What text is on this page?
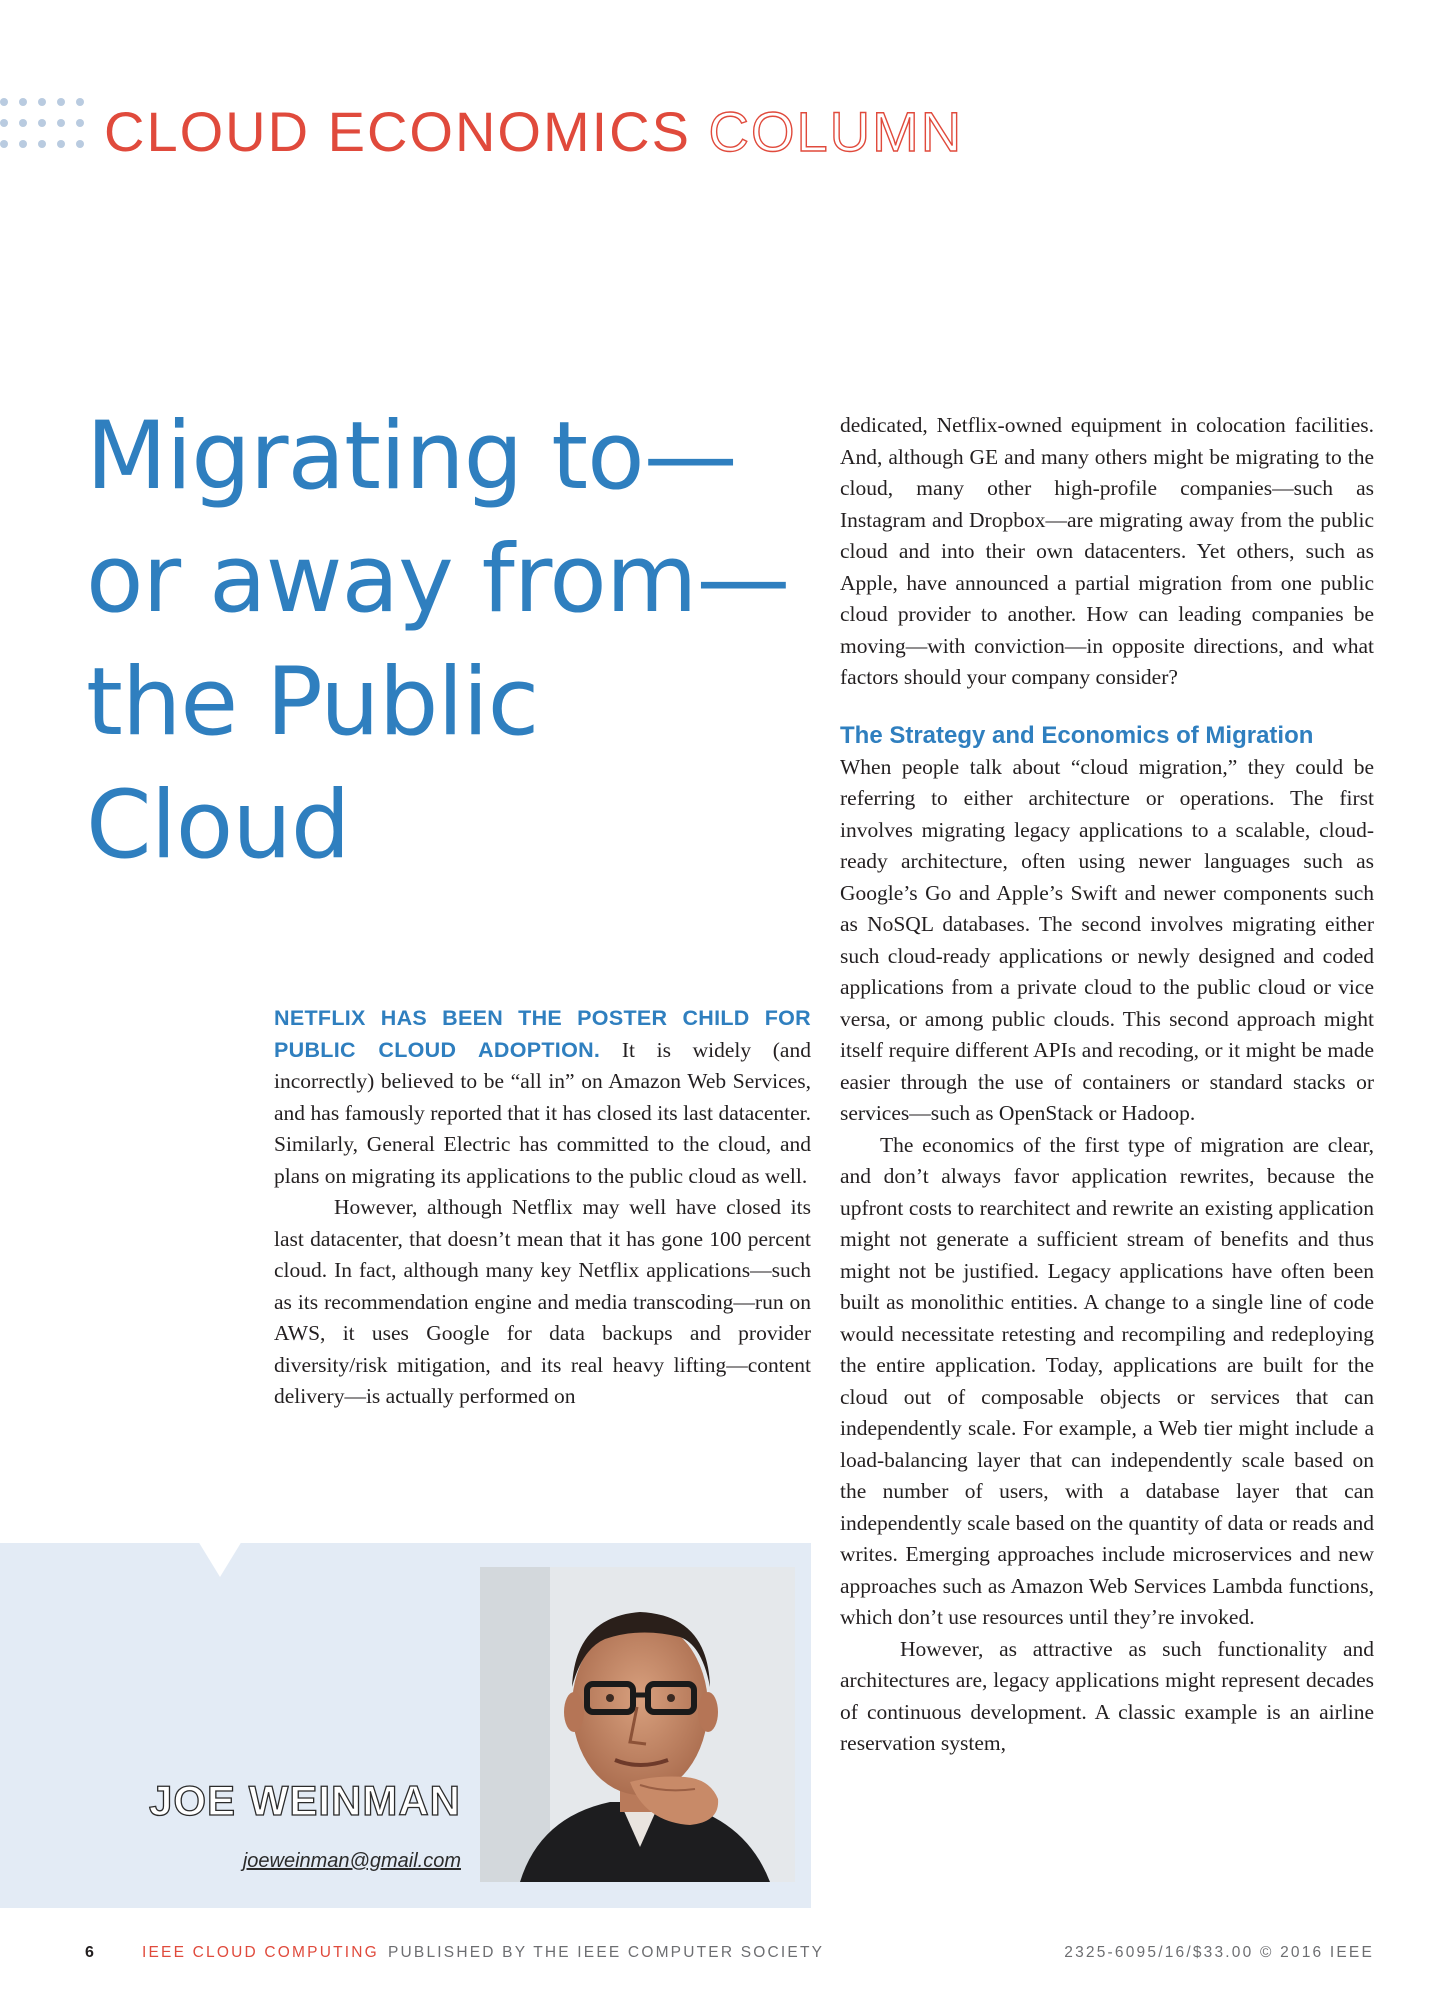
CLOUD ECONOMICS COLUMN
Migrating to—
or away from—
the Public
Cloud

NETFLIX HAS BEEN THE POSTER CHILD FOR PUBLIC CLOUD ADOPTION. It is widely (and incorrectly) believed to be “all in” on Amazon Web Services, and has famously reported that it has closed its last datacenter. Similarly, General Electric has committed to the cloud, and plans on migrating its applications to the public cloud as well.

However, although Netflix may well have closed its last datacenter, that doesn’t mean that it has gone 100 percent cloud. In fact, although many key Netflix applications—such as its recommendation engine and media transcoding—run on AWS, it uses Google for data backups and provider diversity/risk mitigation, and its real heavy lifting—content delivery—is actually performed on

dedicated, Netflix-owned equipment in colocation facilities. And, although GE and many others might be migrating to the cloud, many other high-profile companies—such as Instagram and Dropbox—are migrating away from the public cloud and into their own datacenters. Yet others, such as Apple, have announced a partial migration from one public cloud provider to another. How can leading companies be moving—with conviction—in opposite directions, and what factors should your company consider?

The Strategy and Economics of Migration

When people talk about “cloud migration,” they could be referring to either architecture or operations. The first involves migrating legacy applications to a scalable, cloud-ready architecture, often using newer languages such as Google’s Go and Apple’s Swift and newer components such as NoSQL databases. The second involves migrating either such cloud-ready applications or newly designed and coded applications from a private cloud to the public cloud or vice versa, or among public clouds. This second approach might itself require different APIs and recoding, or it might be made easier through the use of containers or standard stacks or services—such as OpenStack or Hadoop.

The economics of the first type of migration are clear, and don’t always favor application rewrites, because the upfront costs to rearchitect and rewrite an existing application might not generate a sufficient stream of benefits and thus might not be justified. Legacy applications have often been built as monolithic entities. A change to a single line of code would necessitate retesting and recompiling and redeploying the entire application. Today, applications are built for the cloud out of composable objects or services that can independently scale. For example, a Web tier might include a load-balancing layer that can independently scale based on the number of users, with a database layer that can independently scale based on the quantity of data or reads and writes. Emerging approaches include microservices and new approaches such as Amazon Web Services Lambda functions, which don’t use resources until they’re invoked.

However, as attractive as such functionality and architectures are, legacy applications might represent decades of continuous development. A classic example is an airline reservation system,

JOE WEINMAN
joeweinman@gmail.com
6	IEEE CLOUD COMPUTING PUBLISHED BY THE IEEE COMPUTER SOCIETY	2325-6095/16/$33.00 © 2016 IEEE
